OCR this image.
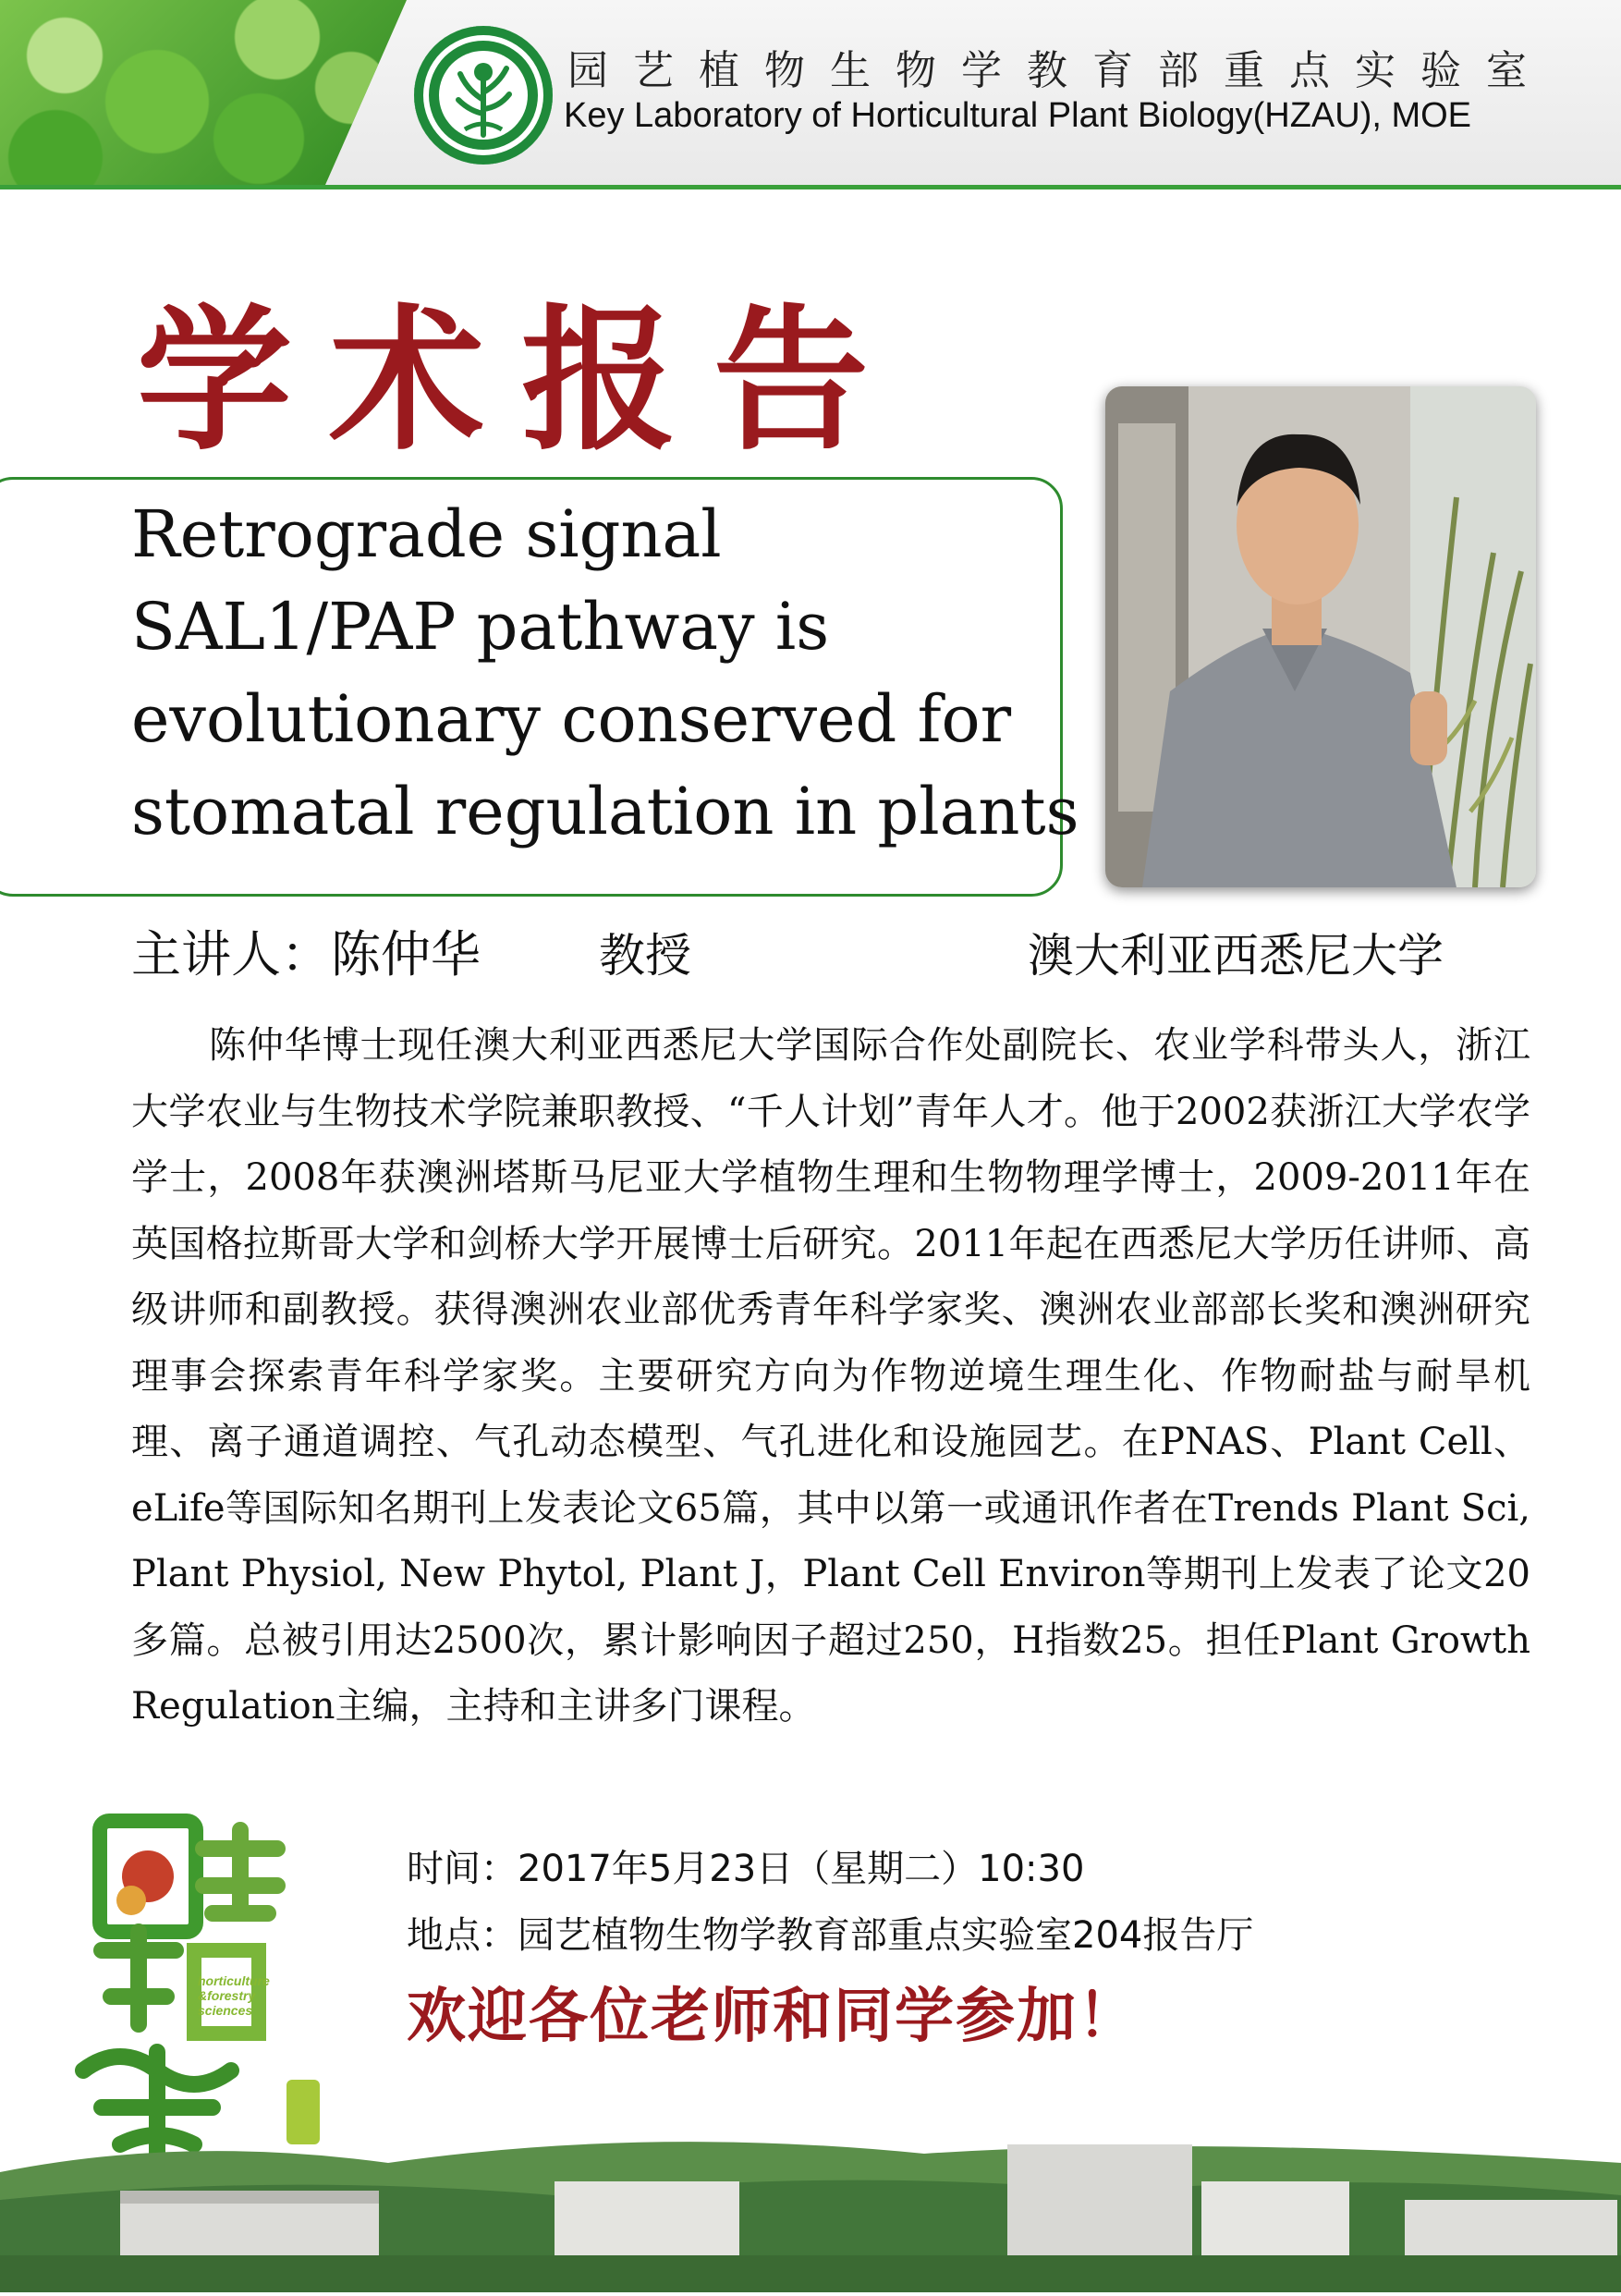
园艺植物生物学教育部重点实验室
Key Laboratory of Horticultural Plant Biology(HZAU), MOE
学术报告
Retrograde signal
SAL1/PAP pathway is
evolutionary conserved for
stomatal regulation in plants
主讲人：陈仲华	教授	澳大利亚西悉尼大学
陈仲华博士现任澳大利亚西悉尼大学国际合作处副院长、农业学科带头人，浙江大学农业与生物技术学院兼职教授、“千人计划”青年人才。他于2002获浙江大学农学学士，2008年获澳洲塔斯马尼亚大学植物生理和生物物理学博士，2009-2011年在英国格拉斯哥大学和剑桥大学开展博士后研究。2011年起在西悉尼大学历任讲师、高级讲师和副教授。获得澳洲农业部优秀青年科学家奖、澳洲农业部部长奖和澳洲研究理事会探索青年科学家奖。主要研究方向为作物逆境生理生化、作物耐盐与耐旱机理、离子通道调控、气孔动态模型、气孔进化和设施园艺。在PNAS、Plant Cell、eLife等国际知名期刊上发表论文65篇，其中以第一或通讯作者在Trends Plant Sci, Plant Physiol, New Phytol, Plant J，Plant Cell Environ等期刊上发表了论文20 多篇。总被引用达2500次，累计影响因子超过250，H指数25。担任Plant Growth Regulation主编，主持和主讲多门课程。
horticulture
&forestry
sciences
时间：2017年5月23日（星期二）10:30
地点：园艺植物生物学教育部重点实验室204报告厅
欢迎各位老师和同学参加！
